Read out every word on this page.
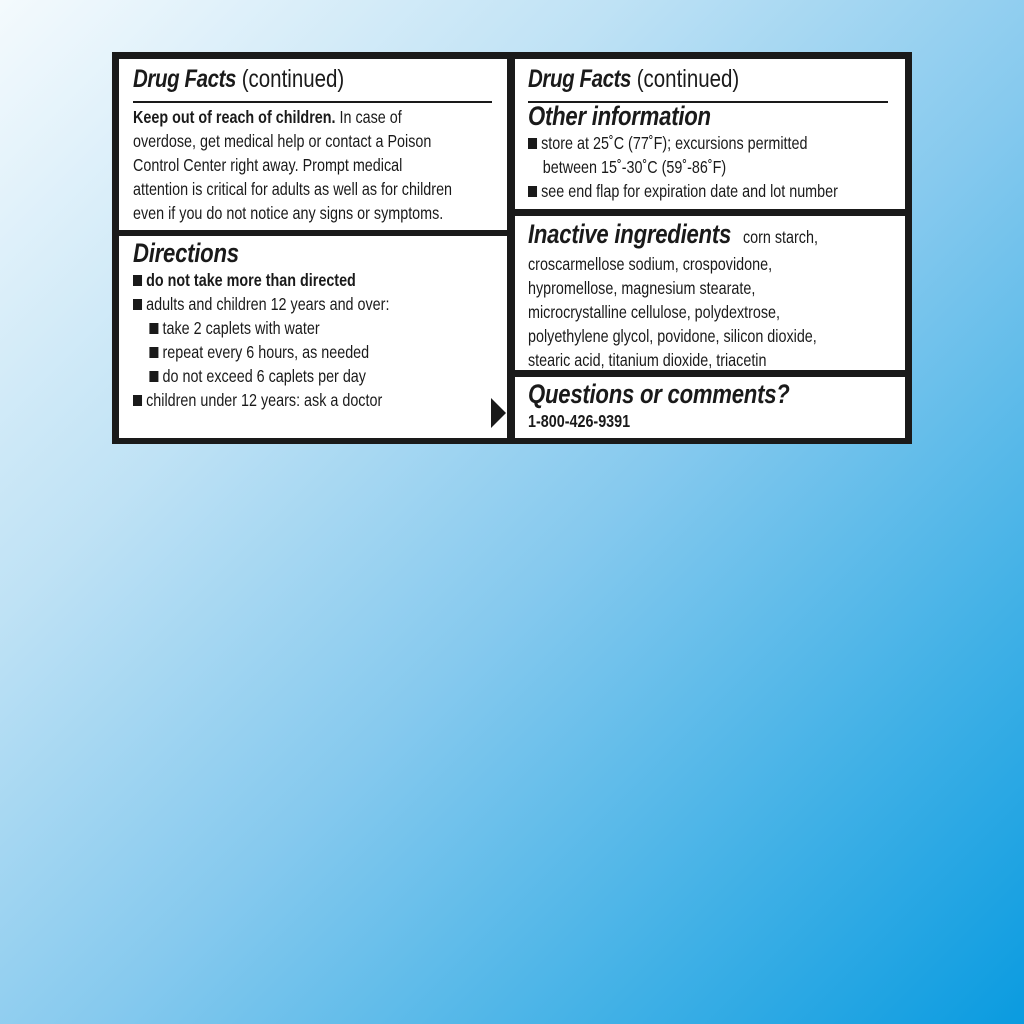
Drug Facts (continued)
Keep out of reach of children. In case of
overdose, get medical help or contact a Poison
Control Center right away. Prompt medical
attention is critical for adults as well as for children
even if you do not notice any signs or symptoms.
Directions
do not take more than directed
adults and children 12 years and over:
take 2 caplets with water
repeat every 6 hours, as needed
do not exceed 6 caplets per day
children under 12 years: ask a doctor
Drug Facts (continued)
Other information
store at 25˚C (77˚F); excursions permitted
between 15˚-30˚C (59˚-86˚F)
see end flap for expiration date and lot number
Inactive ingredients corn starch,
croscarmellose sodium, crospovidone,
hypromellose, magnesium stearate,
microcrystalline cellulose, polydextrose,
polyethylene glycol, povidone, silicon dioxide,
stearic acid, titanium dioxide, triacetin
Questions or comments?
1-800-426-9391
